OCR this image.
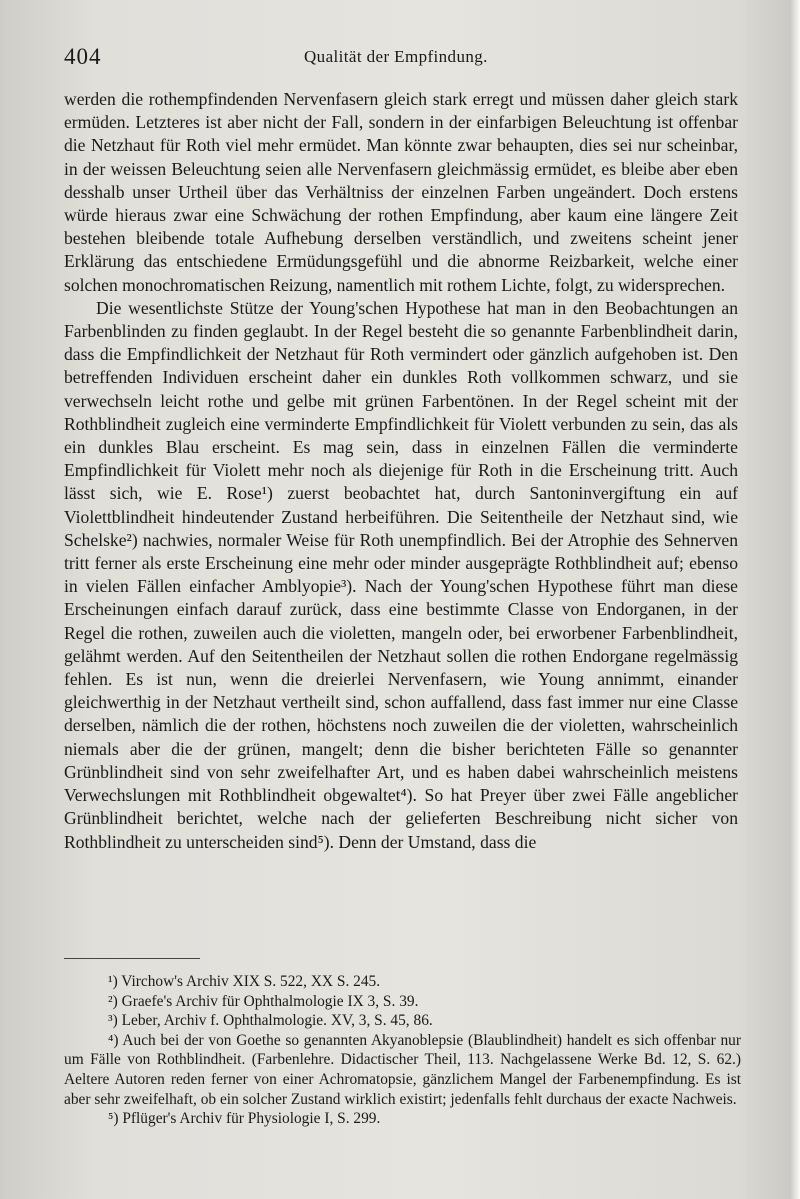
404	Qualität der Empfindung.

werden die rothempfindenden Nervenfasern gleich stark erregt und müssen daher gleich stark ermüden. Letzteres ist aber nicht der Fall, sondern in der einfarbigen Beleuchtung ist offenbar die Netzhaut für Roth viel mehr ermüdet. Man könnte zwar behaupten, dies sei nur scheinbar, in der weissen Beleuchtung seien alle Nervenfasern gleichmässig ermüdet, es bleibe aber eben desshalb unser Urtheil über das Verhältniss der einzelnen Farben ungeändert. Doch erstens würde hieraus zwar eine Schwächung der rothen Empfindung, aber kaum eine längere Zeit bestehen bleibende totale Aufhebung derselben verständlich, und zweitens scheint jener Erklärung das entschiedene Ermüdungsgefühl und die abnorme Reizbarkeit, welche einer solchen monochromatischen Reizung, namentlich mit rothem Lichte, folgt, zu widersprechen.

Die wesentlichste Stütze der Young'schen Hypothese hat man in den Beobachtungen an Farbenblinden zu finden geglaubt. In der Regel besteht die so genannte Farbenblindheit darin, dass die Empfindlichkeit der Netzhaut für Roth vermindert oder gänzlich aufgehoben ist. Den betreffenden Individuen erscheint daher ein dunkles Roth vollkommen schwarz, und sie verwechseln leicht rothe und gelbe mit grünen Farbentönen. In der Regel scheint mit der Rothblindheit zugleich eine verminderte Empfindlichkeit für Violett verbunden zu sein, das als ein dunkles Blau erscheint. Es mag sein, dass in einzelnen Fällen die verminderte Empfindlichkeit für Violett mehr noch als diejenige für Roth in die Erscheinung tritt. Auch lässt sich, wie E. Rose¹) zuerst beobachtet hat, durch Santoninvergiftung ein auf Violettblindheit hindeutender Zustand herbeiführen. Die Seitentheile der Netzhaut sind, wie Schelske²) nachwies, normaler Weise für Roth unempfindlich. Bei der Atrophie des Sehnerven tritt ferner als erste Erscheinung eine mehr oder minder ausgeprägte Rothblindheit auf; ebenso in vielen Fällen einfacher Amblyopie³). Nach der Young'schen Hypothese führt man diese Erscheinungen einfach darauf zurück, dass eine bestimmte Classe von Endorganen, in der Regel die rothen, zuweilen auch die violetten, mangeln oder, bei erworbener Farbenblindheit, gelähmt werden. Auf den Seitentheilen der Netzhaut sollen die rothen Endorgane regelmässig fehlen. Es ist nun, wenn die dreierlei Nervenfasern, wie Young annimmt, einander gleichwerthig in der Netzhaut vertheilt sind, schon auffallend, dass fast immer nur eine Classe derselben, nämlich die der rothen, höchstens noch zuweilen die der violetten, wahrscheinlich niemals aber die der grünen, mangelt; denn die bisher berichteten Fälle so genannter Grünblindheit sind von sehr zweifelhafter Art, und es haben dabei wahrscheinlich meistens Verwechslungen mit Rothblindheit obgewaltet⁴). So hat Preyer über zwei Fälle angeblicher Grünblindheit berichtet, welche nach der gelieferten Beschreibung nicht sicher von Rothblindheit zu unterscheiden sind⁵). Denn der Umstand, dass die

¹) Virchow's Archiv XIX S. 522, XX S. 245.

²) Graefe's Archiv für Ophthalmologie IX 3, S. 39.

³) Leber, Archiv f. Ophthalmologie. XV, 3, S. 45, 86.

⁴) Auch bei der von Goethe so genannten Akyanoblepsie (Blaublindheit) handelt es sich offenbar nur um Fälle von Rothblindheit. (Farbenlehre. Didactischer Theil, 113. Nachgelassene Werke Bd. 12, S. 62.) Aeltere Autoren reden ferner von einer Achromatopsie, gänzlichem Mangel der Farbenempfindung. Es ist aber sehr zweifelhaft, ob ein solcher Zustand wirklich existirt; jedenfalls fehlt durchaus der exacte Nachweis.

⁵) Pflüger's Archiv für Physiologie I, S. 299.
